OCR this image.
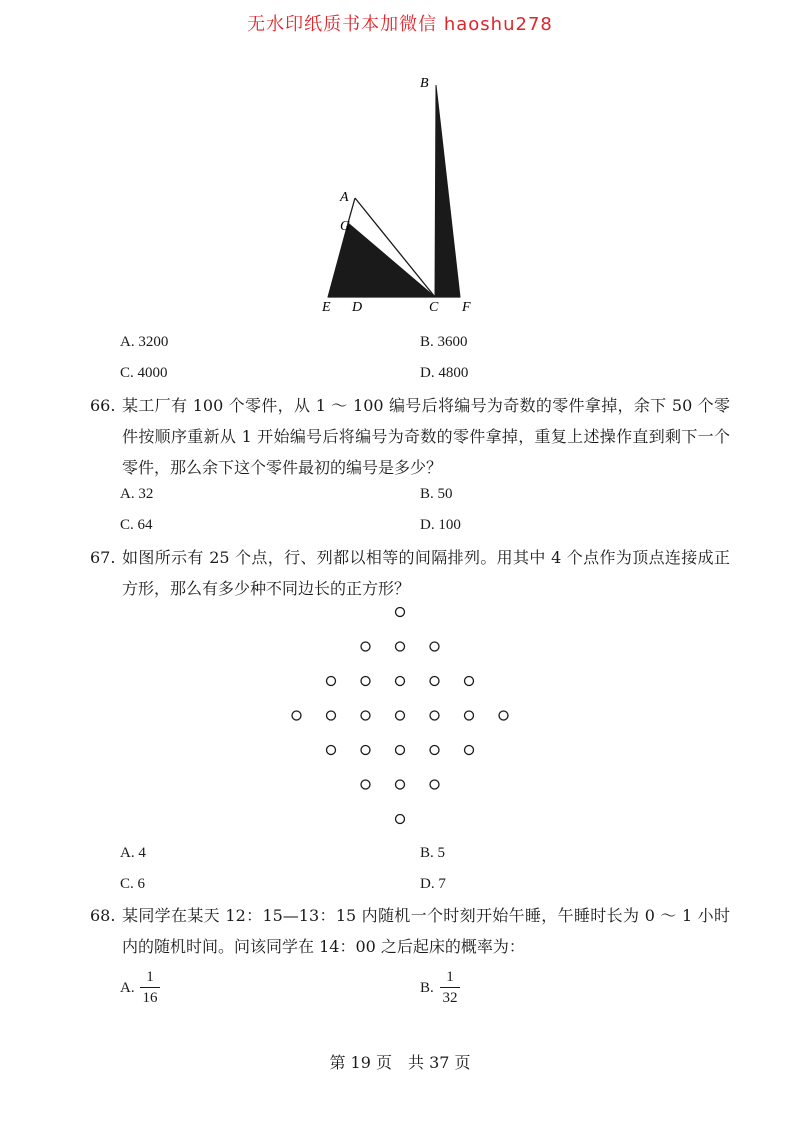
无水印纸质书本加微信 haoshu278
B
A
G
E D	C F
A. 3200	B. 3600
C. 4000	D. 4800
66. 某工厂有 100 个零件，从 1 ～ 100 编号后将编号为奇数的零件拿掉，余下 50 个零件按顺序重新从 1 开始编号后将编号为奇数的零件拿掉，重复上述操作直到剩下一个零件，那么余下这个零件最初的编号是多少？
A. 32	B. 50
C. 64	D. 100
67. 如图所示有 25 个点，行、列都以相等的间隔排列。用其中 4 个点作为顶点连接成正方形，那么有多少种不同边长的正方形？
A. 4	B. 5
C. 6	D. 7
68. 某同学在某天 12：15—13：15 内随机一个时刻开始午睡，午睡时长为 0 ～ 1 小时内的随机时间。问该同学在 14：00 之后起床的概率为：
A.
1
16
B.
1
32
第 19 页　共 37 页
